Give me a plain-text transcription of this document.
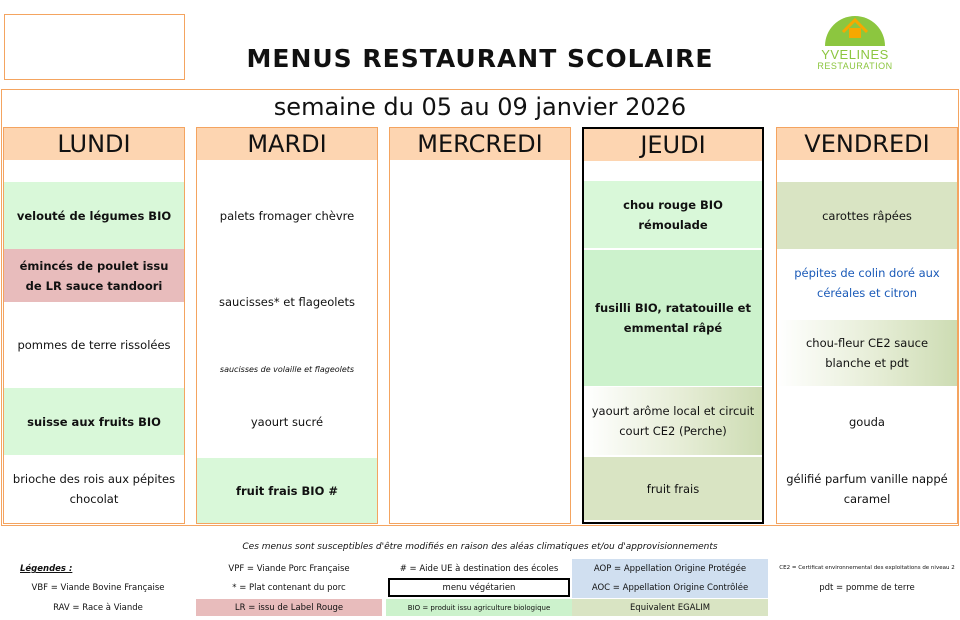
MENUS RESTAURANT SCOLAIRE	YVELINES
RESTAURATION
semaine du 05 au 09 janvier 2026
LUNDI
velouté de légumes BIO
émincés de poulet issu de LR sauce tandoori
pommes de terre rissolées
suisse aux fruits BIO
brioche des rois aux pépites chocolat
MARDI
palets fromager chèvre
saucisses* et flageolets
saucisses de volaille et flageolets
yaourt sucré
fruit frais BIO #
MERCREDI	JEUDI
chou rouge BIO rémoulade
fusilli BIO, ratatouille et emmental râpé
yaourt arôme local et circuit court CE2 (Perche)
fruit frais
VENDREDI
carottes râpées
pépites de colin doré aux céréales et citron
chou-fleur CE2 sauce blanche et pdt
gouda
gélifié parfum vanille nappé caramel
Ces menus sont susceptibles d'être modifiés en raison des aléas climatiques et/ou d'approvisionnements
Légendes :
VBF = Viande Bovine Française
RAV = Race à Viande
VPF = Viande Porc Française
* = Plat contenant du porc
LR = issu de Label Rouge
# = Aide UE à destination des écoles
menu végétarien
BIO = produit issu agriculture biologique
AOP = Appellation Origine Protégée
AOC = Appellation Origine Contrôlée
Equivalent EGALIM
CE2 = Certificat environnemental des exploitations de niveau 2
pdt = pomme de terre
